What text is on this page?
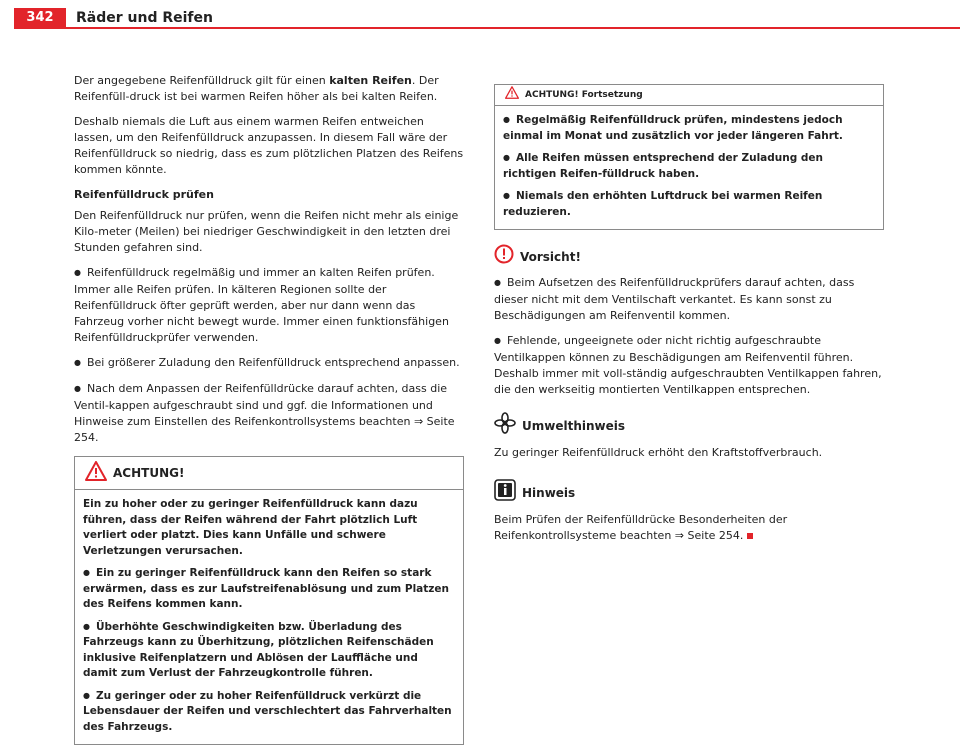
342	Räder und Reifen

Der angegebene Reifenfülldruck gilt für einen kalten Reifen. Der Reifenfüll-druck ist bei warmen Reifen höher als bei kalten Reifen.

Deshalb niemals die Luft aus einem warmen Reifen entweichen lassen, um den Reifenfülldruck anzupassen. In diesem Fall wäre der Reifenfülldruck so niedrig, dass es zum plötzlichen Platzen des Reifens kommen könnte.

Reifenfülldruck prüfen

Den Reifenfülldruck nur prüfen, wenn die Reifen nicht mehr als einige Kilo-meter (Meilen) bei niedriger Geschwindigkeit in den letzten drei Stunden gefahren sind.

● Reifenfülldruck regelmäßig und immer an kalten Reifen prüfen. Immer alle Reifen prüfen. In kälteren Regionen sollte der Reifenfülldruck öfter geprüft werden, aber nur dann wenn das Fahrzeug vorher nicht bewegt wurde. Immer einen funktionsfähigen Reifenfülldruckprüfer verwenden.

● Bei größerer Zuladung den Reifenfülldruck entsprechend anpassen.

● Nach dem Anpassen der Reifenfülldrücke darauf achten, dass die Ventil-kappen aufgeschraubt sind und ggf. die Informationen und Hinweise zum Einstellen des Reifenkontrollsystems beachten ⇒ Seite 254.

ACHTUNG!

Ein zu hoher oder zu geringer Reifenfülldruck kann dazu führen, dass der Reifen während der Fahrt plötzlich Luft verliert oder platzt. Dies kann Unfälle und schwere Verletzungen verursachen.

● Ein zu geringer Reifenfülldruck kann den Reifen so stark erwärmen, dass es zur Laufstreifenablösung und zum Platzen des Reifens kommen kann.

● Überhöhte Geschwindigkeiten bzw. Überladung des Fahrzeugs kann zu Überhitzung, plötzlichen Reifenschäden inklusive Reifenplatzern und Ablösen der Lauffläche und damit zum Verlust der Fahrzeugkontrolle führen.

● Zu geringer oder zu hoher Reifenfülldruck verkürzt die Lebensdauer der Reifen und verschlechtert das Fahrverhalten des Fahrzeugs.

ACHTUNG! Fortsetzung

● Regelmäßig Reifenfülldruck prüfen, mindestens jedoch einmal im Monat und zusätzlich vor jeder längeren Fahrt.

● Alle Reifen müssen entsprechend der Zuladung den richtigen Reifen-fülldruck haben.

● Niemals den erhöhten Luftdruck bei warmen Reifen reduzieren.

Vorsicht!

● Beim Aufsetzen des Reifenfülldruckprüfers darauf achten, dass dieser nicht mit dem Ventilschaft verkantet. Es kann sonst zu Beschädigungen am Reifenventil kommen.

● Fehlende, ungeeignete oder nicht richtig aufgeschraubte Ventilkappen können zu Beschädigungen am Reifenventil führen. Deshalb immer mit voll-ständig aufgeschraubten Ventilkappen fahren, die den werkseitig montierten Ventilkappen entsprechen.

Umwelthinweis

Zu geringer Reifenfülldruck erhöht den Kraftstoffverbrauch.

Hinweis

Beim Prüfen der Reifenfülldrücke Besonderheiten der Reifenkontrollsysteme beachten ⇒ Seite 254.
